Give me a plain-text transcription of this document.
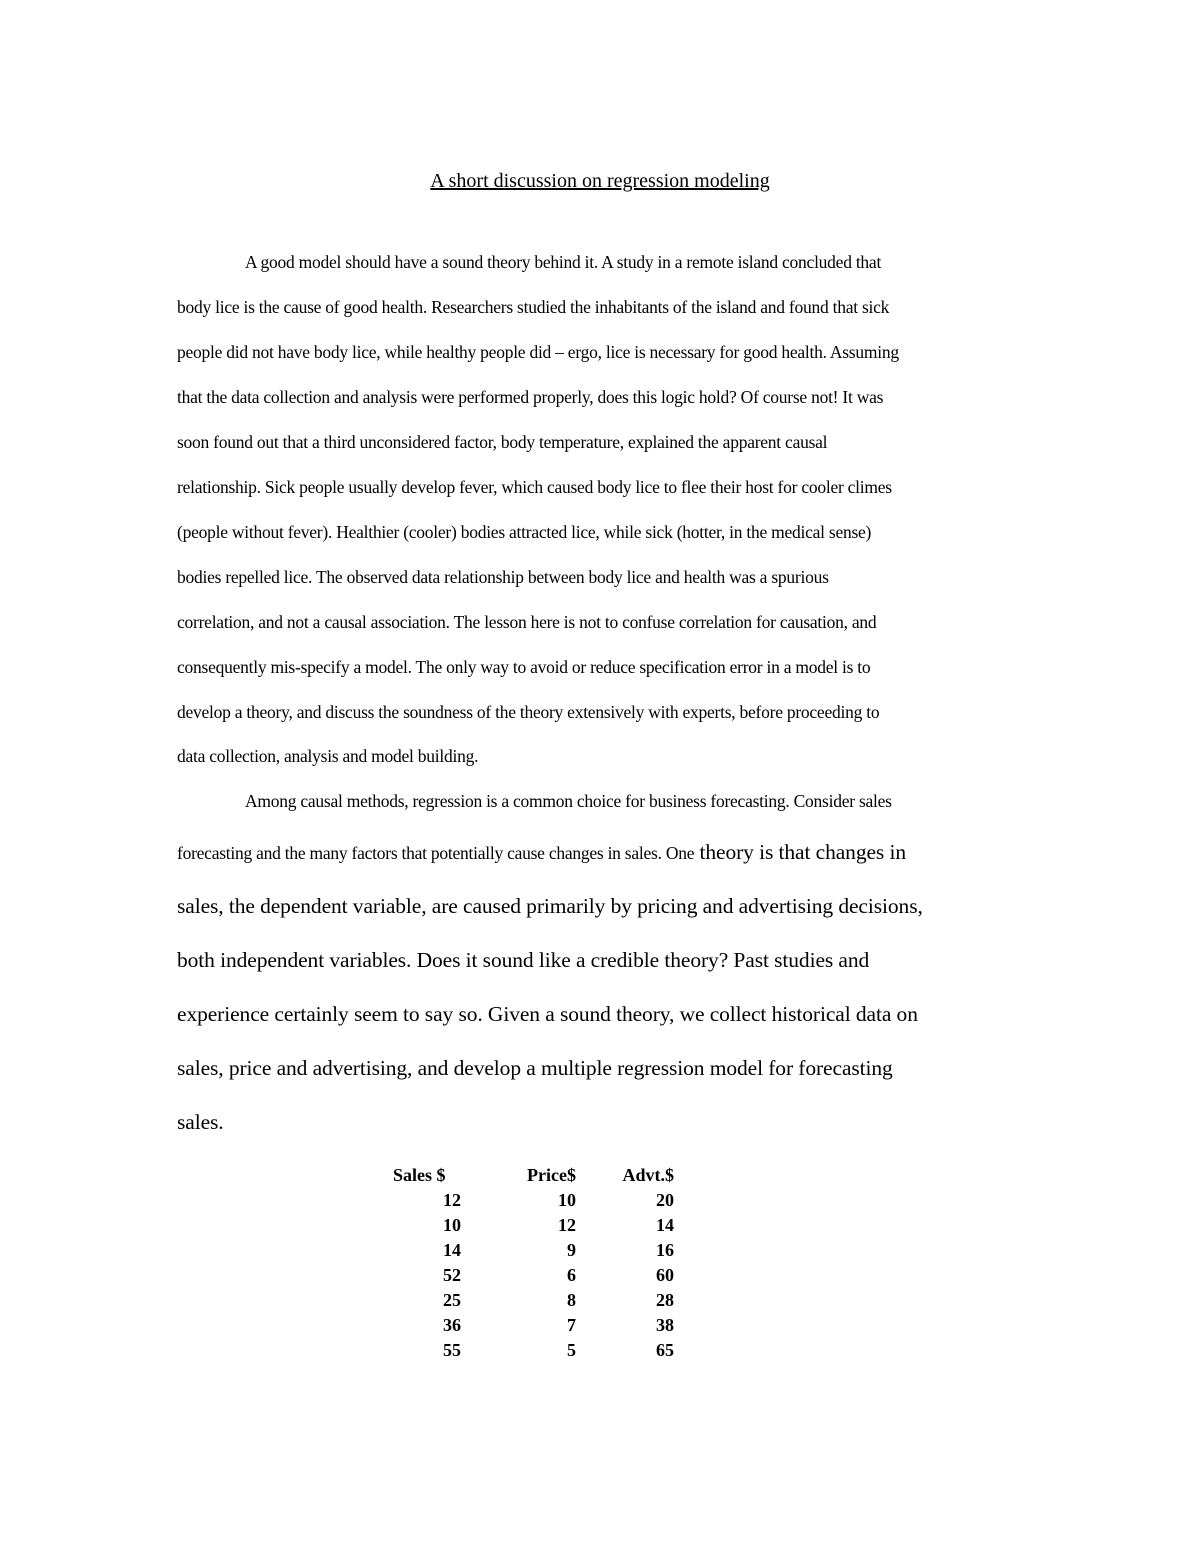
A short discussion on regression modeling
A good model should have a sound theory behind it. A study in a remote island concluded that
body lice is the cause of good health. Researchers studied the inhabitants of the island and found that sick
people did not have body lice, while healthy people did – ergo, lice is necessary for good health. Assuming
that the data collection and analysis were performed properly, does this logic hold? Of course not! It was
soon found out that a third unconsidered factor, body temperature, explained the apparent causal
relationship. Sick people usually develop fever, which caused body lice to flee their host for cooler climes
(people without fever). Healthier (cooler) bodies attracted lice, while sick (hotter, in the medical sense)
bodies repelled lice. The observed data relationship between body lice and health was a spurious
correlation, and not a causal association. The lesson here is not to confuse correlation for causation, and
consequently mis-specify a model. The only way to avoid or reduce specification error in a model is to
develop a theory, and discuss the soundness of the theory extensively with experts, before proceeding to
data collection, analysis and model building.
Among causal methods, regression is a common choice for business forecasting. Consider sales
forecasting and the many factors that potentially cause changes in sales. One theory is that changes in
sales, the dependent variable, are caused primarily by pricing and advertising decisions,
both independent variables. Does it sound like a credible theory? Past studies and
experience certainly seem to say so. Given a sound theory, we collect historical data on
sales, price and advertising, and develop a multiple regression model for forecasting
sales.
Sales $	Price$	Advt.$
12	10	20
10	12	14
14	9	16
52	6	60
25	8	28
36	7	38
55	5	65
